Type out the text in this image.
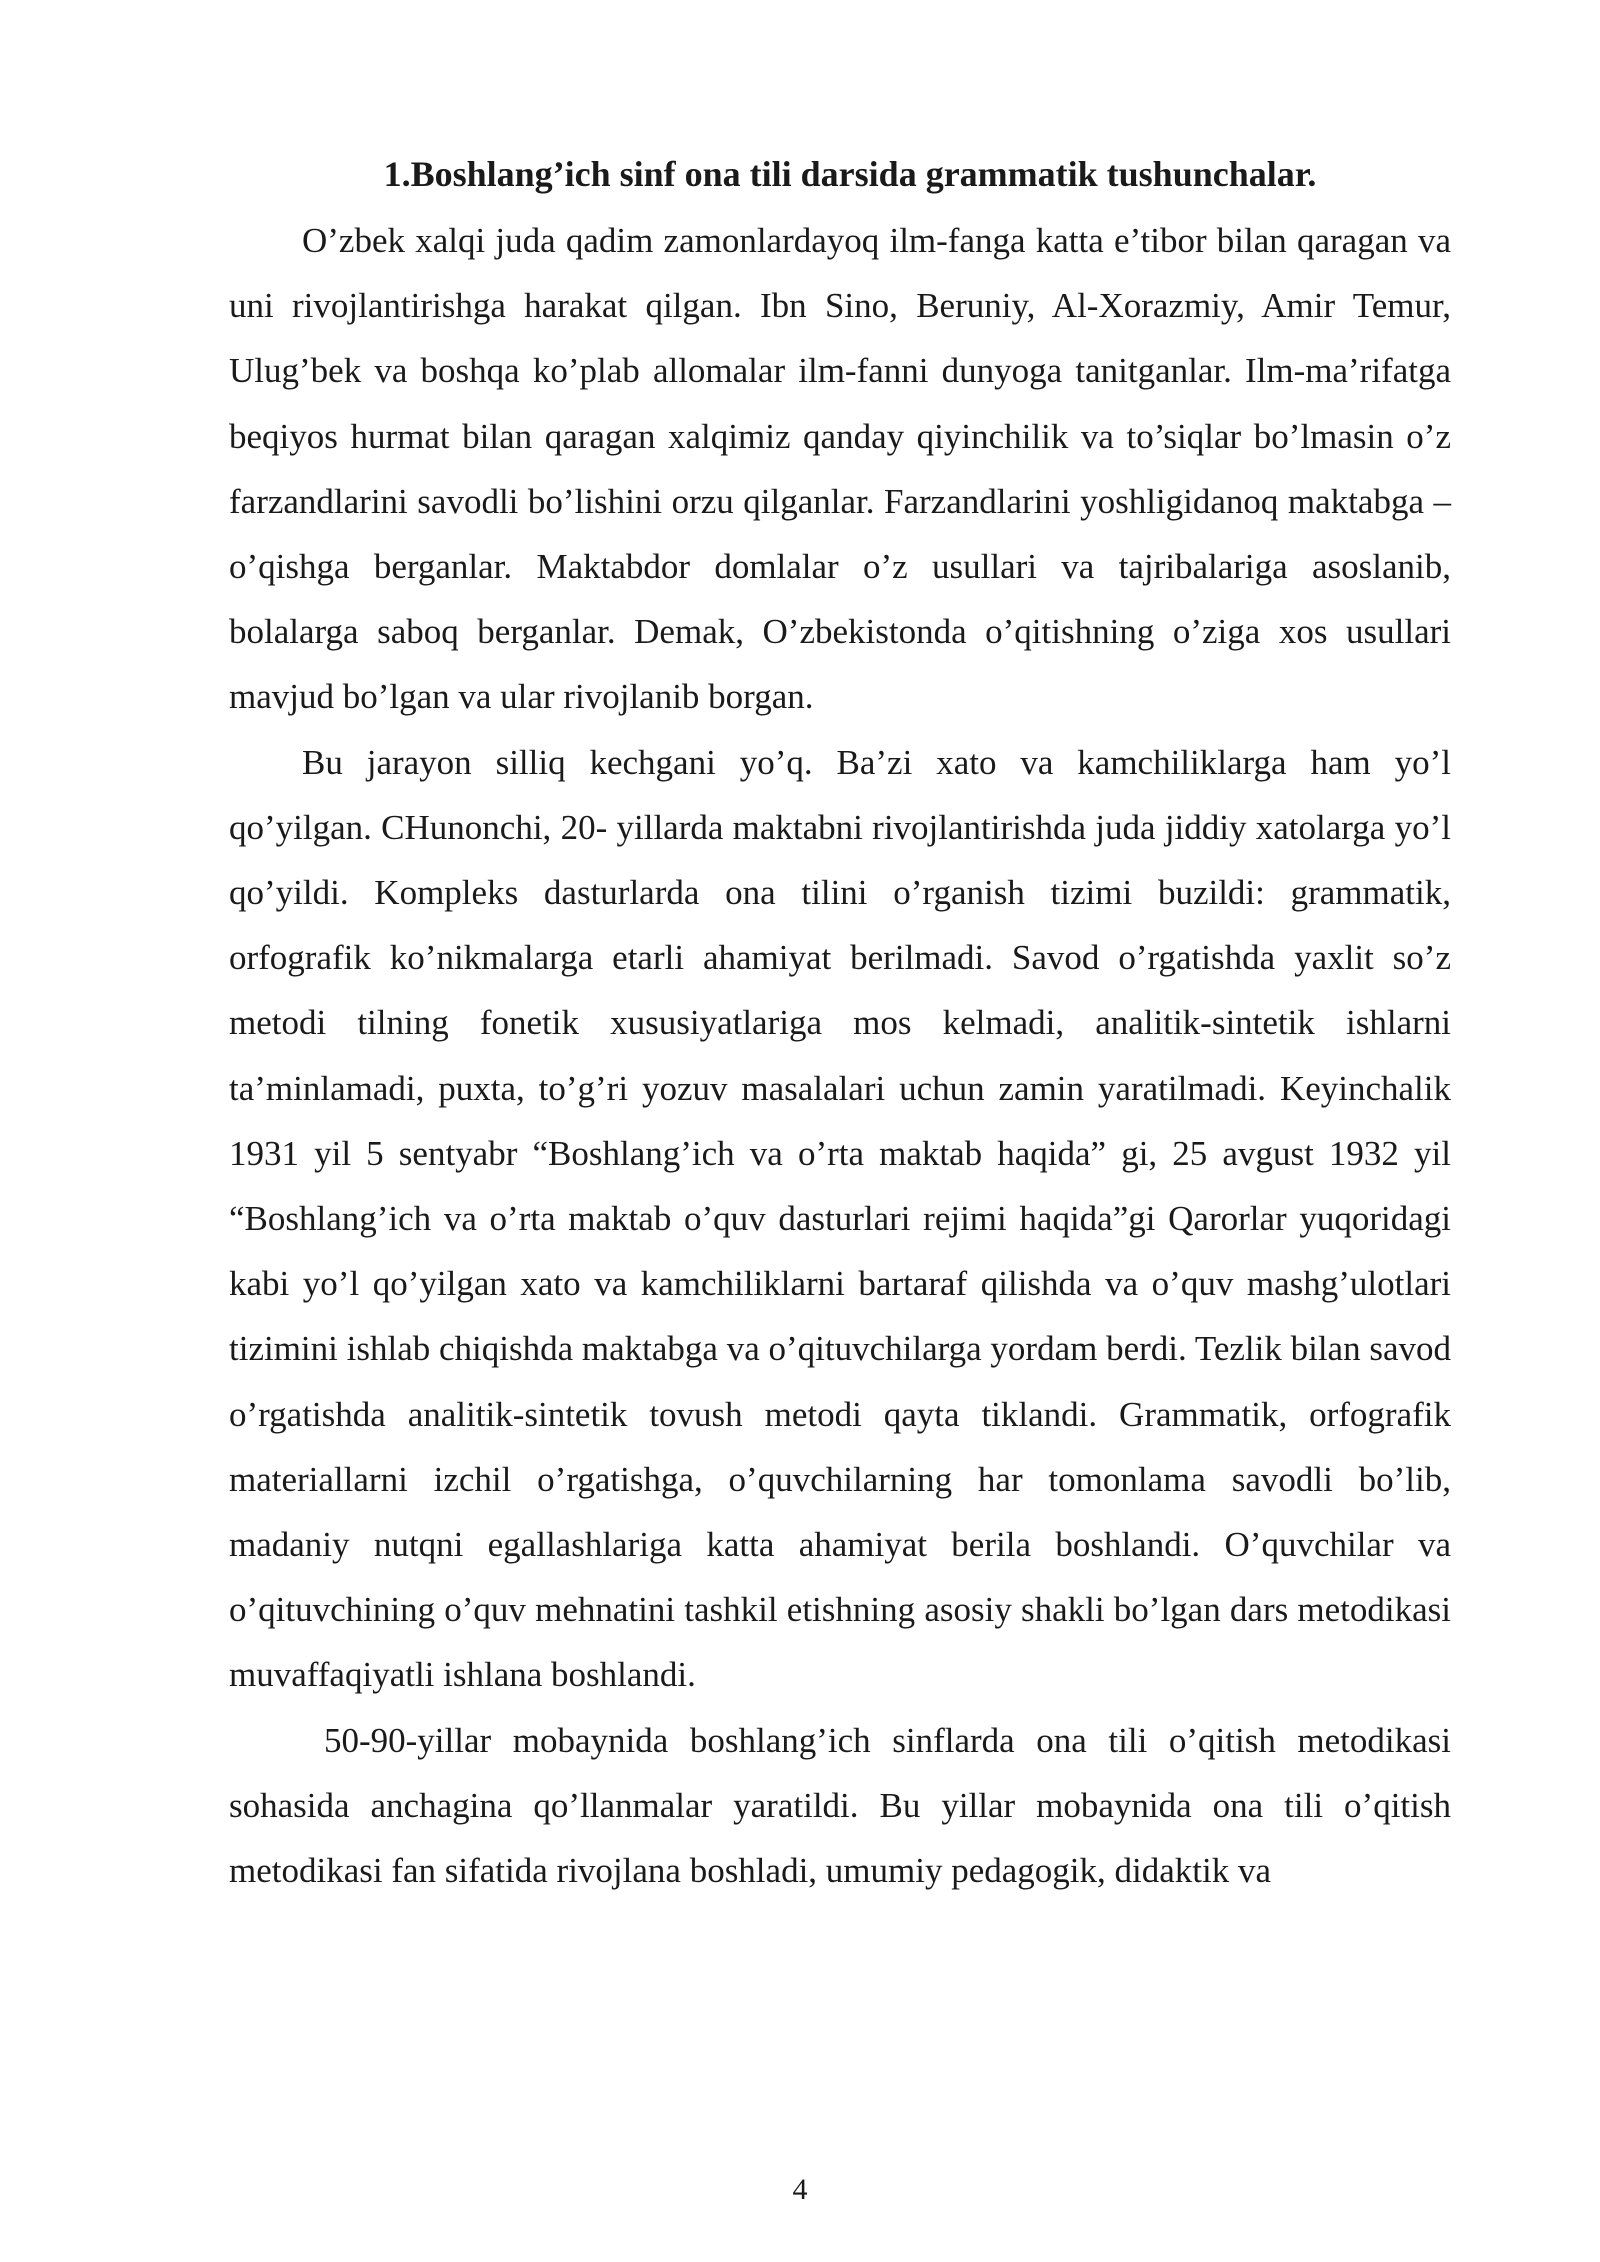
1.Boshlang’ich sinf ona tili darsida grammatik tushunchalar.

O’zbek xalqi juda qadim zamonlardayoq ilm-fanga katta e’tibor bilan qaragan va uni rivojlantirishga harakat qilgan. Ibn Sino, Beruniy, Al-Xorazmiy, Amir Temur, Ulug’bek va boshqa ko’plab allomalar ilm-fanni dunyoga tanitganlar. Ilm-ma’rifatga beqiyos hurmat bilan qaragan xalqimiz qanday qiyinchilik va to’siqlar bo’lmasin o’z farzandlarini savodli bo’lishini orzu qilganlar. Farzandlarini yoshligidanoq maktabga – o’qishga berganlar. Maktabdor domlalar o’z usullari va tajribalariga asoslanib, bolalarga saboq berganlar. Demak, O’zbekistonda o’qitishning o’ziga xos usullari mavjud bo’lgan va ular rivojlanib borgan.

Bu jarayon silliq kechgani yo’q. Ba’zi xato va kamchiliklarga ham yo’l qo’yilgan. CHunonchi, 20- yillarda maktabni rivojlantirishda juda jiddiy xatolarga yo’l qo’yildi. Kompleks dasturlarda ona tilini o’rganish tizimi buzildi: grammatik, orfografik ko’nikmalarga etarli ahamiyat berilmadi. Savod o’rgatishda yaxlit so’z metodi tilning fonetik xususiyatlariga mos kelmadi, analitik-sintetik ishlarni ta’minlamadi, puxta, to’g’ri yozuv masalalari uchun zamin yaratilmadi. Keyinchalik 1931 yil 5 sentyabr “Boshlang’ich va o’rta maktab haqida” gi, 25 avgust 1932 yil “Boshlang’ich va o’rta maktab o’quv dasturlari rejimi haqida”gi Qarorlar yuqoridagi kabi yo’l qo’yilgan xato va kamchiliklarni bartaraf qilishda va o’quv mashg’ulotlari tizimini ishlab chiqishda maktabga va o’qituvchilarga yordam berdi. Tezlik bilan savod o’rgatishda analitik-sintetik tovush metodi qayta tiklandi. Grammatik, orfografik materiallarni izchil o’rgatishga, o’quvchilarning har tomonlama savodli bo’lib, madaniy nutqni egallashlariga katta ahamiyat berila boshlandi. O’quvchilar va o’qituvchining o’quv mehnatini tashkil etishning asosiy shakli bo’lgan dars metodikasi muvaffaqiyatli ishlana boshlandi.

50-90-yillar mobaynida boshlang’ich sinflarda ona tili o’qitish metodikasi sohasida anchagina qo’llanmalar yaratildi. Bu yillar mobaynida ona tili o’qitish metodikasi fan sifatida rivojlana boshladi, umumiy pedagogik, didaktik va

4
